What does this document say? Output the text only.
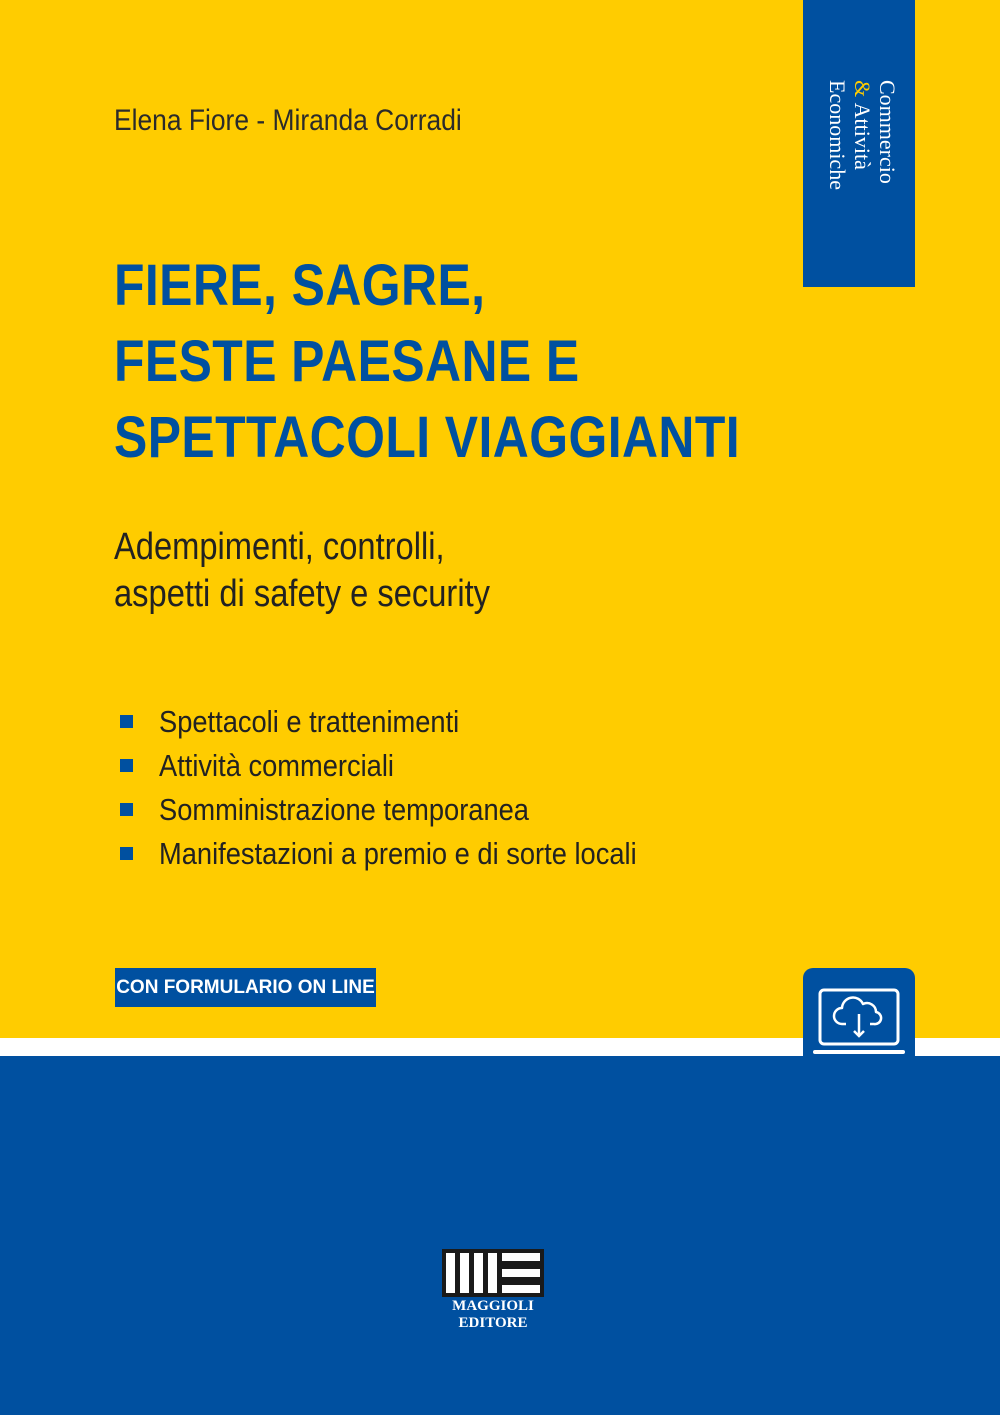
Commercio
& Attività
Economiche
Elena Fiore - Miranda Corradi
FIERE, SAGRE,
FESTE PAESANE E
SPETTACOLI VIAGGIANTI
Adempimenti, controlli,
aspetti di safety e security
Spettacoli e trattenimenti
Attività commerciali
Somministrazione temporanea
Manifestazioni a premio e di sorte locali
CON FORMULARIO ON LINE
MAGGIOLI
EDITORE
